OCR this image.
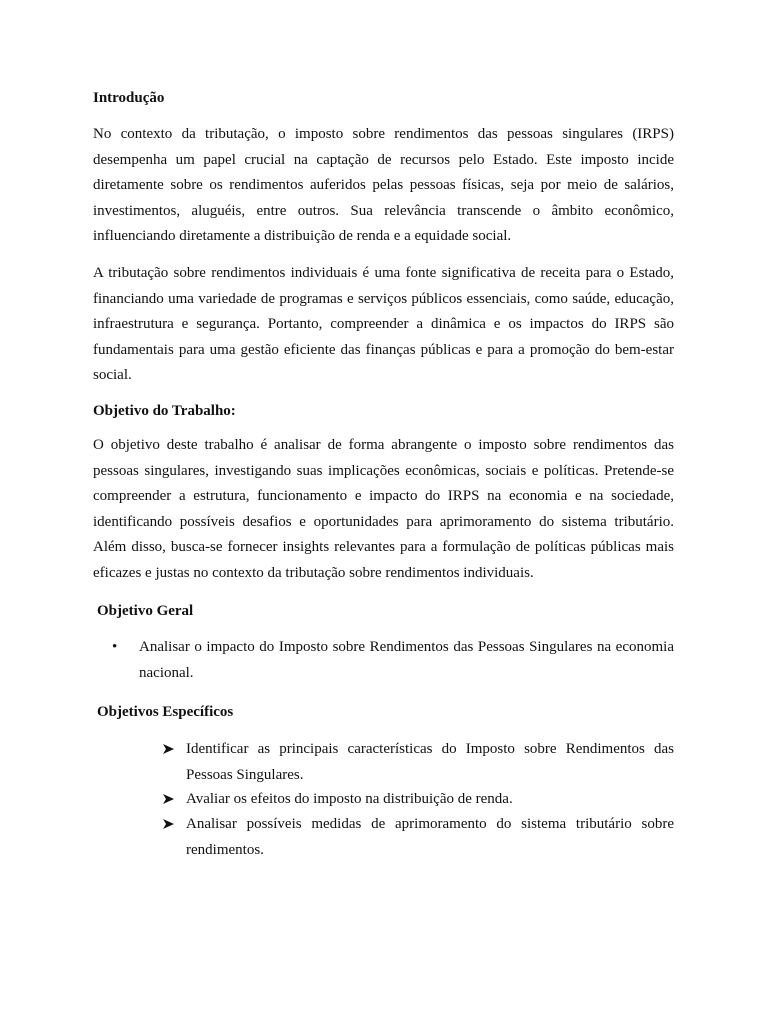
Introdução

No contexto da tributação, o imposto sobre rendimentos das pessoas singulares (IRPS) desempenha um papel crucial na captação de recursos pelo Estado. Este imposto incide diretamente sobre os rendimentos auferidos pelas pessoas físicas, seja por meio de salários, investimentos, aluguéis, entre outros. Sua relevância transcende o âmbito econômico, influenciando diretamente a distribuição de renda e a equidade social.

A tributação sobre rendimentos individuais é uma fonte significativa de receita para o Estado, financiando uma variedade de programas e serviços públicos essenciais, como saúde, educação, infraestrutura e segurança. Portanto, compreender a dinâmica e os impactos do IRPS são fundamentais para uma gestão eficiente das finanças públicas e para a promoção do bem-estar social.

Objetivo do Trabalho:

O objetivo deste trabalho é analisar de forma abrangente o imposto sobre rendimentos das pessoas singulares, investigando suas implicações econômicas, sociais e políticas. Pretende-se compreender a estrutura, funcionamento e impacto do IRPS na economia e na sociedade, identificando possíveis desafios e oportunidades para aprimoramento do sistema tributário. Além disso, busca-se fornecer insights relevantes para a formulação de políticas públicas mais eficazes e justas no contexto da tributação sobre rendimentos individuais.

Objetivo Geral
•	Analisar o impacto do Imposto sobre Rendimentos das Pessoas Singulares na economia nacional.
Objetivos Específicos
Identificar as principais características do Imposto sobre Rendimentos das Pessoas Singulares.
Avaliar os efeitos do imposto na distribuição de renda.
Analisar possíveis medidas de aprimoramento do sistema tributário sobre rendimentos.
